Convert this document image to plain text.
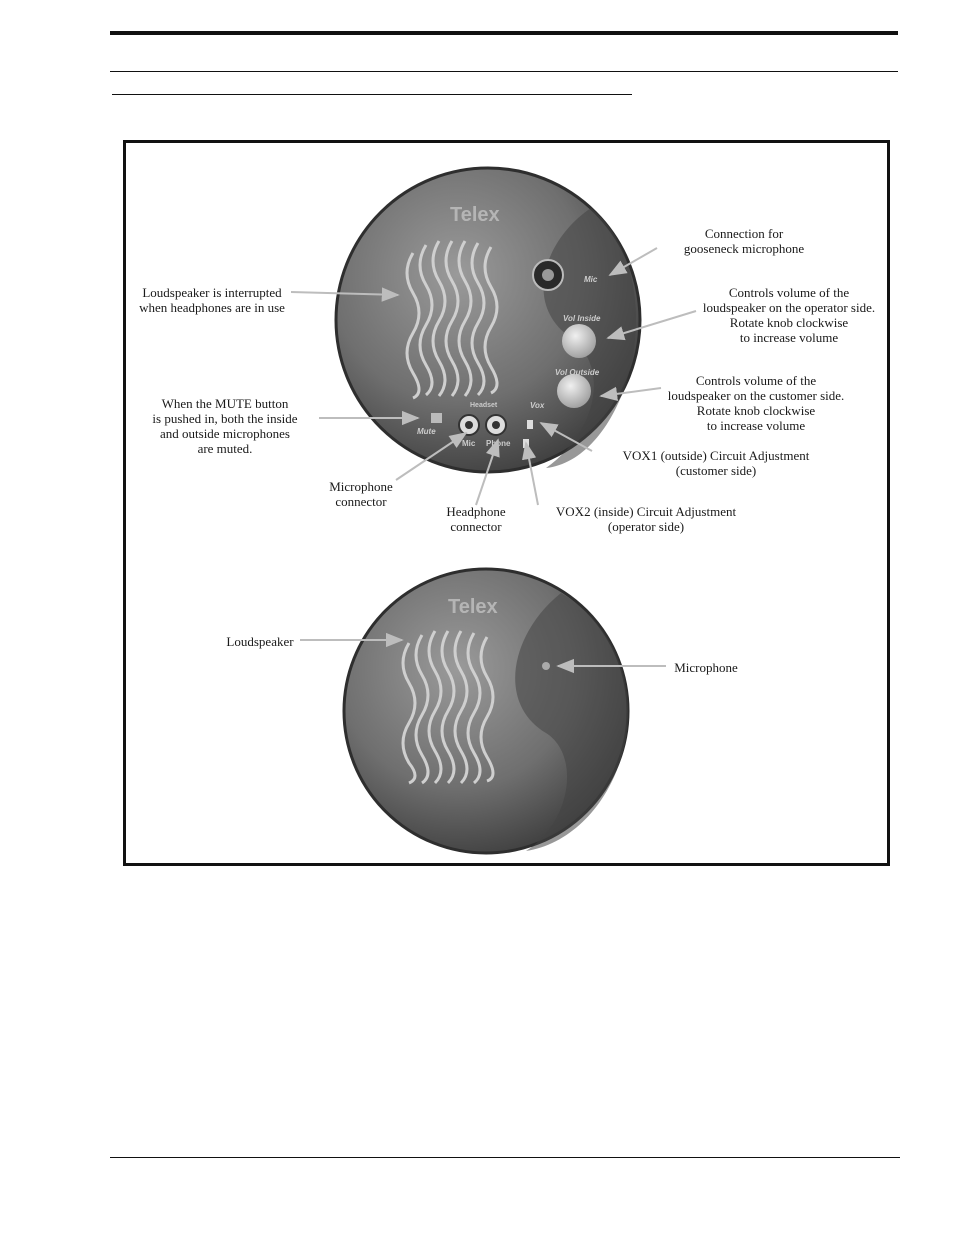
Telex
Mic
Vol Inside
Vol Outside
Headset
Mute
Mic Phone
Vox
Telex
Loudspeaker is interrupted
when headphones are in use
Connection for
gooseneck microphone
Controls volume of the
loudspeaker on the operator side.
Rotate knob clockwise
to increase volume
Controls volume of the
loudspeaker on the customer side.
Rotate knob clockwise
to increase volume
When the MUTE button
is pushed in, both the inside
and outside microphones
are muted.	VOX1 (outside) Circuit Adjustment
(customer side)
Microphone
connector
Headphone
connector
VOX2 (inside) Circuit Adjustment
(operator side)
Loudspeaker
Microphone
